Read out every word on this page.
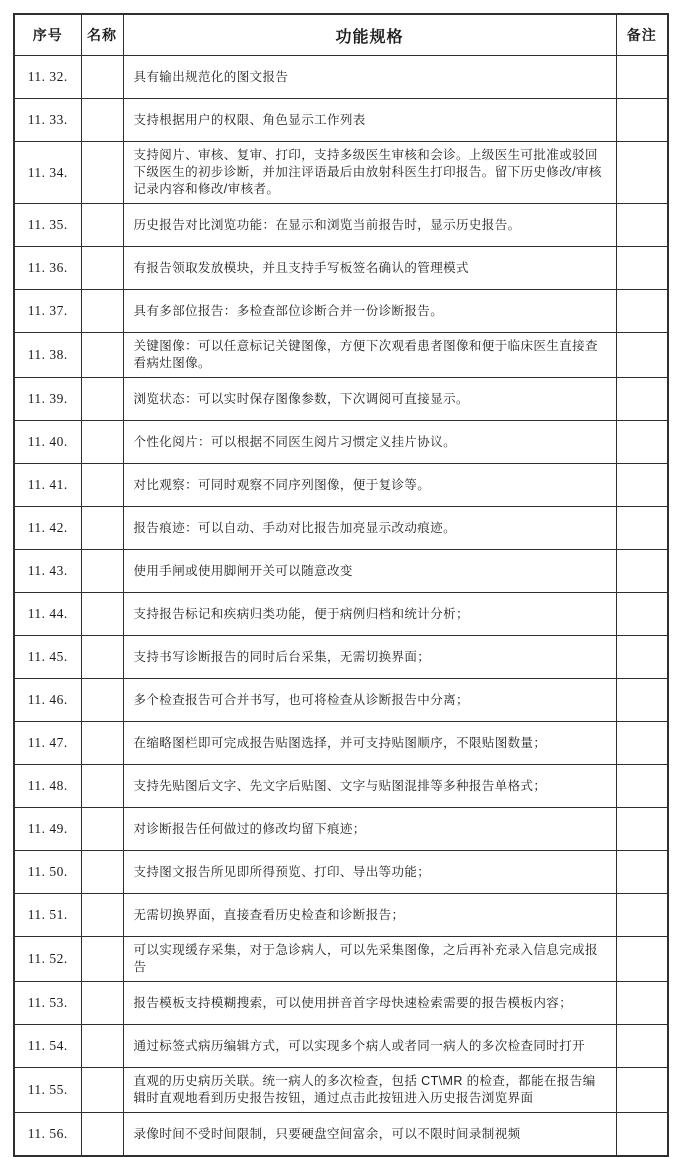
序号	名称	功能规格	备注
11. 32.		具有输出规范化的图文报告	
11. 33.		支持根据用户的权限、角色显示工作列表	
11. 34.		支持阅片、审核、复审、打印，支持多级医生审核和会诊。上级医生可批准或驳回下级医生的初步诊断，并加注评语最后由放射科医生打印报告。留下历史修改/审核记录内容和修改/审核者。	
11. 35.		历史报告对比浏览功能：在显示和浏览当前报告时，显示历史报告。	
11. 36.		有报告领取发放模块，并且支持手写板签名确认的管理模式	
11. 37.		具有多部位报告：多检查部位诊断合并一份诊断报告。	
11. 38.		关键图像：可以任意标记关键图像，方便下次观看患者图像和便于临床医生直接查看病灶图像。	
11. 39.		浏览状态：可以实时保存图像参数，下次调阅可直接显示。	
11. 40.		个性化阅片：可以根据不同医生阅片习惯定义挂片协议。	
11. 41.		对比观察：可同时观察不同序列图像，便于复诊等。	
11. 42.		报告痕迹：可以自动、手动对比报告加亮显示改动痕迹。	
11. 43.		使用手闸或使用脚闸开关可以随意改变	
11. 44.		支持报告标记和疾病归类功能，便于病例归档和统计分析；	
11. 45.		支持书写诊断报告的同时后台采集，无需切换界面；	
11. 46.		多个检查报告可合并书写，也可将检查从诊断报告中分离；	
11. 47.		在缩略图栏即可完成报告贴图选择，并可支持贴图顺序，不限贴图数量；	
11. 48.		支持先贴图后文字、先文字后贴图、文字与贴图混排等多种报告单格式；	
11. 49.		对诊断报告任何做过的修改均留下痕迹；	
11. 50.		支持图文报告所见即所得预览、打印、导出等功能；	
11. 51.		无需切换界面，直接查看历史检查和诊断报告；	
11. 52.		可以实现缓存采集，对于急诊病人，可以先采集图像，之后再补充录入信息完成报告	
11. 53.		报告模板支持模糊搜索，可以使用拼音首字母快速检索需要的报告模板内容；	
11. 54.		通过标签式病历编辑方式，可以实现多个病人或者同一病人的多次检查同时打开	
11. 55.		直观的历史病历关联。统一病人的多次检查，包括 CT\MR 的检查，都能在报告编辑时直观地看到历史报告按钮，通过点击此按钮进入历史报告浏览界面	
11. 56.		录像时间不受时间限制，只要硬盘空间富余，可以不限时间录制视频	
